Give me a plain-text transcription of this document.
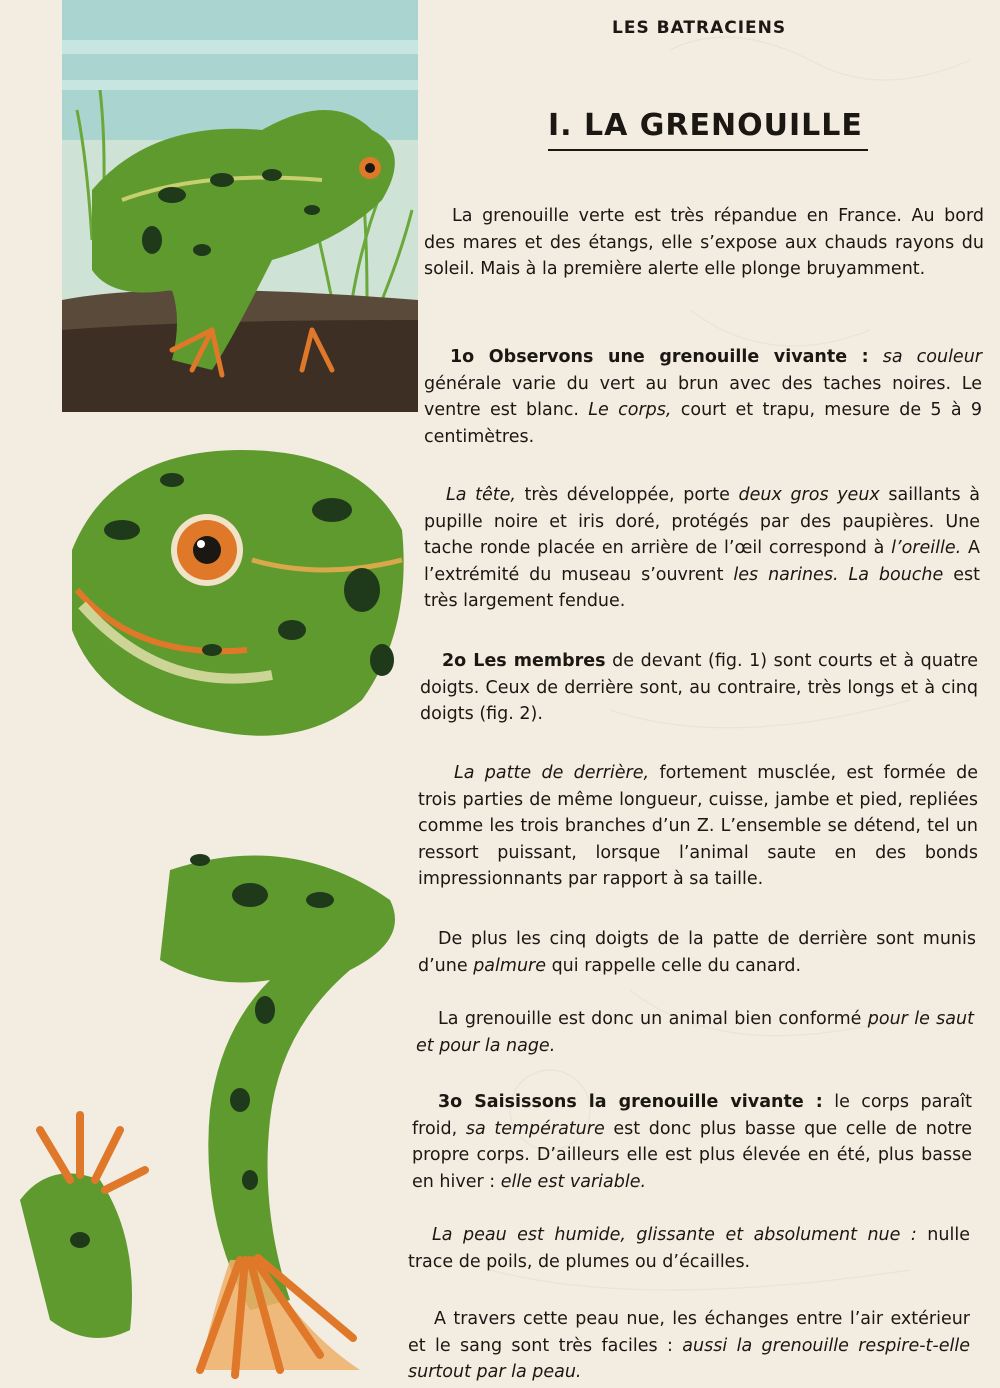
LES BATRACIENS
I. LA GRENOUILLE

La grenouille verte est très répandue en France. Au bord des mares et des étangs, elle s’expose aux chauds rayons du soleil. Mais à la première alerte elle plonge bruyamment.

1o Observons une grenouille vivante : sa couleur générale varie du vert au brun avec des taches noires. Le ventre est blanc. Le corps, court et trapu, mesure de 5 à 9 centimètres.

La tête, très développée, porte deux gros yeux saillants à pupille noire et iris doré, protégés par des paupières. Une tache ronde placée en arrière de l’œil correspond à l’oreille. A l’extrémité du museau s’ouvrent les narines. La bouche est très largement fendue.

2o Les membres de devant (fig. 1) sont courts et à quatre doigts. Ceux de derrière sont, au contraire, très longs et à cinq doigts (fig. 2).

La patte de derrière, fortement musclée, est formée de trois parties de même longueur, cuisse, jambe et pied, repliées comme les trois branches d’un Z. L’ensemble se détend, tel un ressort puissant, lorsque l’animal saute en des bonds impressionnants par rapport à sa taille.

De plus les cinq doigts de la patte de derrière sont munis d’une palmure qui rappelle celle du canard.

La grenouille est donc un animal bien conformé pour le saut et pour la nage.

3o Saisissons la grenouille vivante : le corps paraît froid, sa température est donc plus basse que celle de notre propre corps. D’ailleurs elle est plus élevée en été, plus basse en hiver : elle est variable.

La peau est humide, glissante et absolument nue : nulle trace de poils, de plumes ou d’écailles.

A travers cette peau nue, les échanges entre l’air extérieur et le sang sont très faciles : aussi la grenouille respire-t-elle surtout par la peau.
